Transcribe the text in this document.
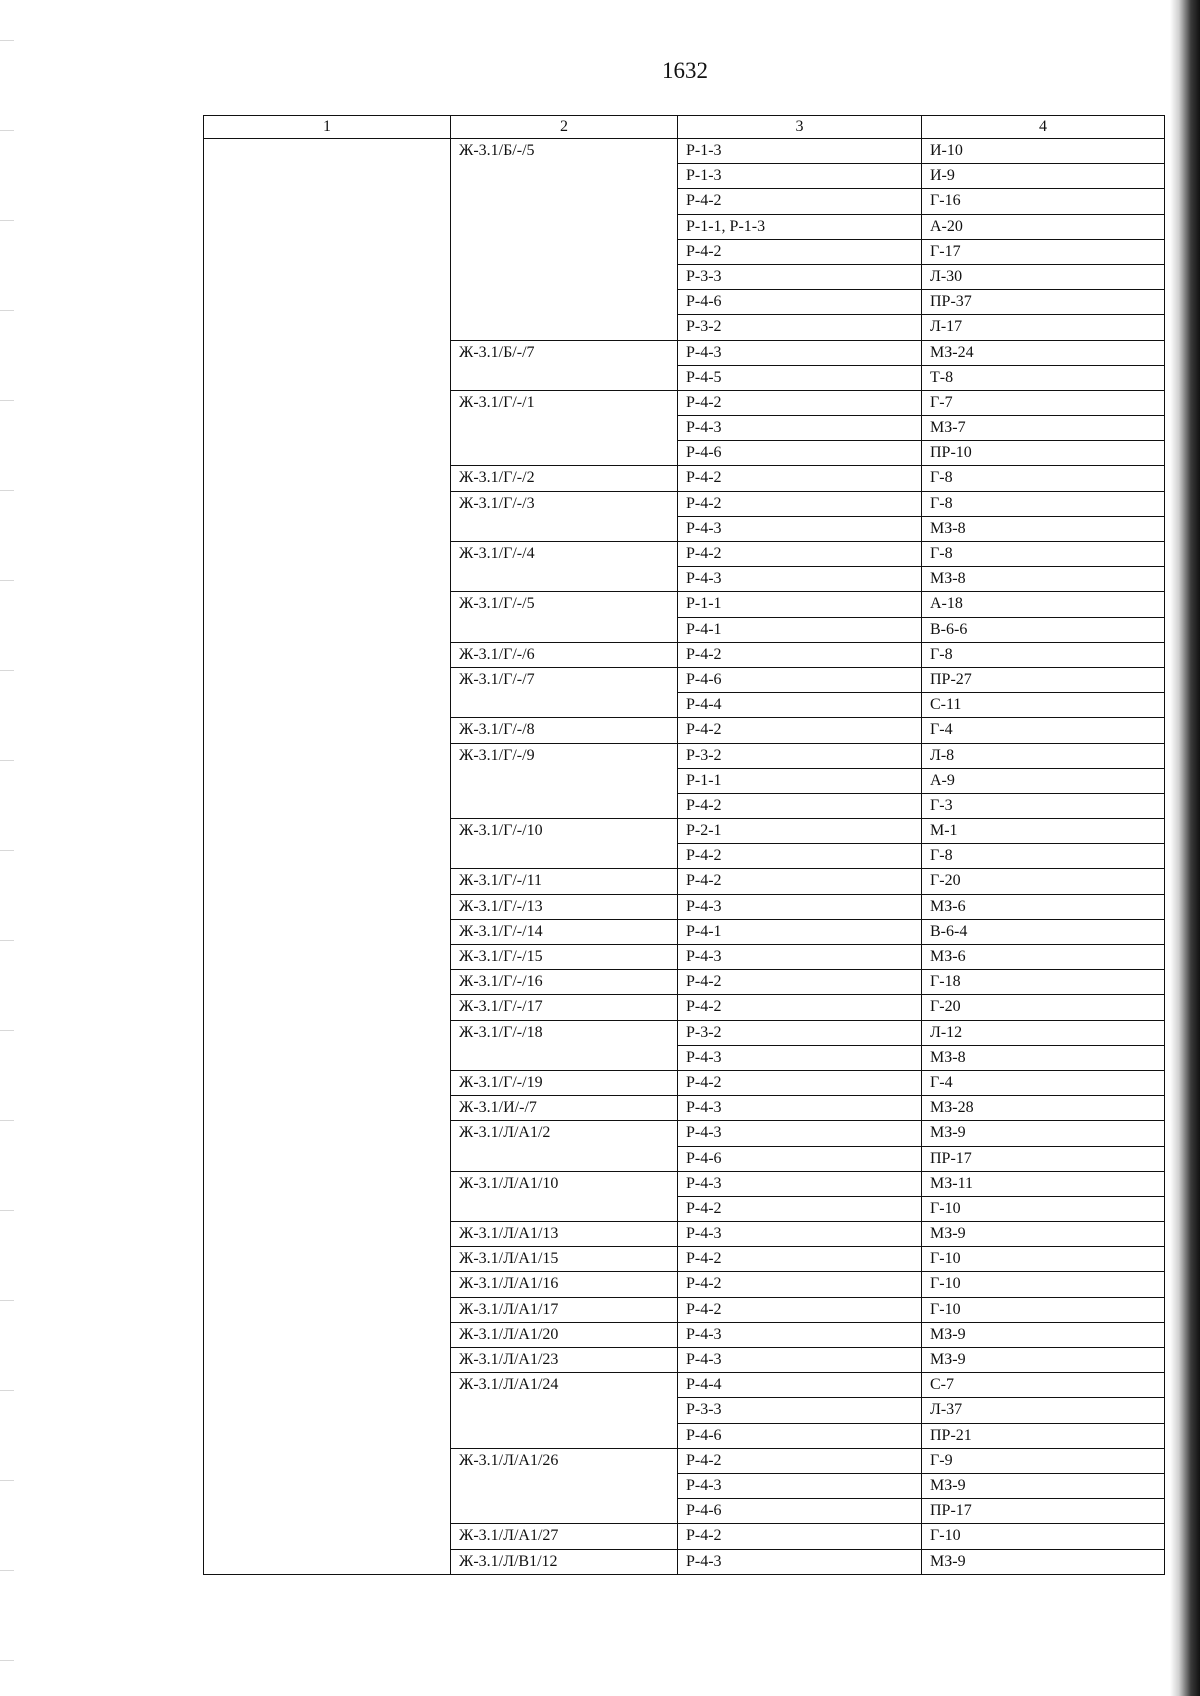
1632
1	2	3	4
	Ж-3.1/Б/-/5	Р-1-3	И-10
		Р-1-3	И-9
		Р-4-2	Г-16
		Р-1-1, Р-1-3	А-20
		Р-4-2	Г-17
		Р-3-3	Л-30
		Р-4-6	ПР-37
		Р-3-2	Л-17
	Ж-3.1/Б/-/7	Р-4-3	МЗ-24
		Р-4-5	Т-8
	Ж-3.1/Г/-/1	Р-4-2	Г-7
		Р-4-3	МЗ-7
		Р-4-6	ПР-10
	Ж-3.1/Г/-/2	Р-4-2	Г-8
	Ж-3.1/Г/-/3	Р-4-2	Г-8
		Р-4-3	МЗ-8
	Ж-3.1/Г/-/4	Р-4-2	Г-8
		Р-4-3	МЗ-8
	Ж-3.1/Г/-/5	Р-1-1	А-18
		Р-4-1	В-6-6
	Ж-3.1/Г/-/6	Р-4-2	Г-8
	Ж-3.1/Г/-/7	Р-4-6	ПР-27
		Р-4-4	С-11
	Ж-3.1/Г/-/8	Р-4-2	Г-4
	Ж-3.1/Г/-/9	Р-3-2	Л-8
		Р-1-1	А-9
		Р-4-2	Г-3
	Ж-3.1/Г/-/10	Р-2-1	М-1
		Р-4-2	Г-8
	Ж-3.1/Г/-/11	Р-4-2	Г-20
	Ж-3.1/Г/-/13	Р-4-3	МЗ-6
	Ж-3.1/Г/-/14	Р-4-1	В-6-4
	Ж-3.1/Г/-/15	Р-4-3	МЗ-6
	Ж-3.1/Г/-/16	Р-4-2	Г-18
	Ж-3.1/Г/-/17	Р-4-2	Г-20
	Ж-3.1/Г/-/18	Р-3-2	Л-12
		Р-4-3	МЗ-8
	Ж-3.1/Г/-/19	Р-4-2	Г-4
	Ж-3.1/И/-/7	Р-4-3	МЗ-28
	Ж-3.1/Л/А1/2	Р-4-3	МЗ-9
		Р-4-6	ПР-17
	Ж-3.1/Л/А1/10	Р-4-3	МЗ-11
		Р-4-2	Г-10
	Ж-3.1/Л/А1/13	Р-4-3	МЗ-9
	Ж-3.1/Л/А1/15	Р-4-2	Г-10
	Ж-3.1/Л/А1/16	Р-4-2	Г-10
	Ж-3.1/Л/А1/17	Р-4-2	Г-10
	Ж-3.1/Л/А1/20	Р-4-3	МЗ-9
	Ж-3.1/Л/А1/23	Р-4-3	МЗ-9
	Ж-3.1/Л/А1/24	Р-4-4	С-7
		Р-3-3	Л-37
		Р-4-6	ПР-21
	Ж-3.1/Л/А1/26	Р-4-2	Г-9
		Р-4-3	МЗ-9
		Р-4-6	ПР-17
	Ж-3.1/Л/А1/27	Р-4-2	Г-10
	Ж-3.1/Л/В1/12	Р-4-3	МЗ-9
